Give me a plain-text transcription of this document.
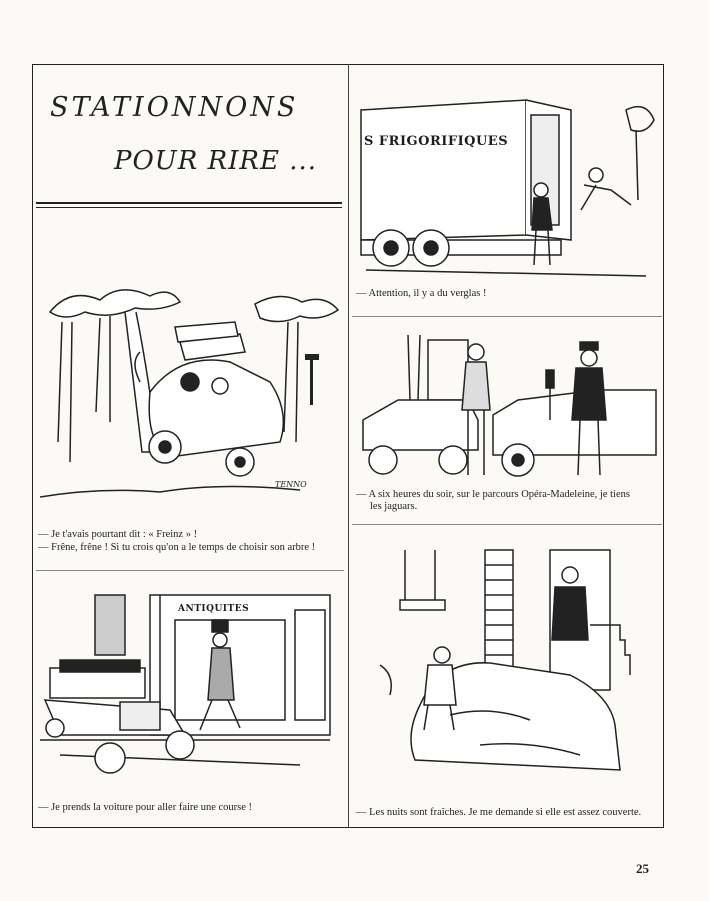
STATIONNONS
POUR RIRE ...
TENNO
— Je t'avais pourtant dit : « Freinz » !
— Frêne, frêne ! Si tu crois qu'on a le temps de choisir son arbre !
ANTIQUITES
— Je prends la voiture pour aller faire une course !
S FRIGORIFIQUES
— Attention, il y a du verglas !
— A six heures du soir, sur le parcours Opéra-Madeleine, je tiens
les jaguars.
— Les nuits sont fraîches. Je me demande si elle est assez couverte.
25
